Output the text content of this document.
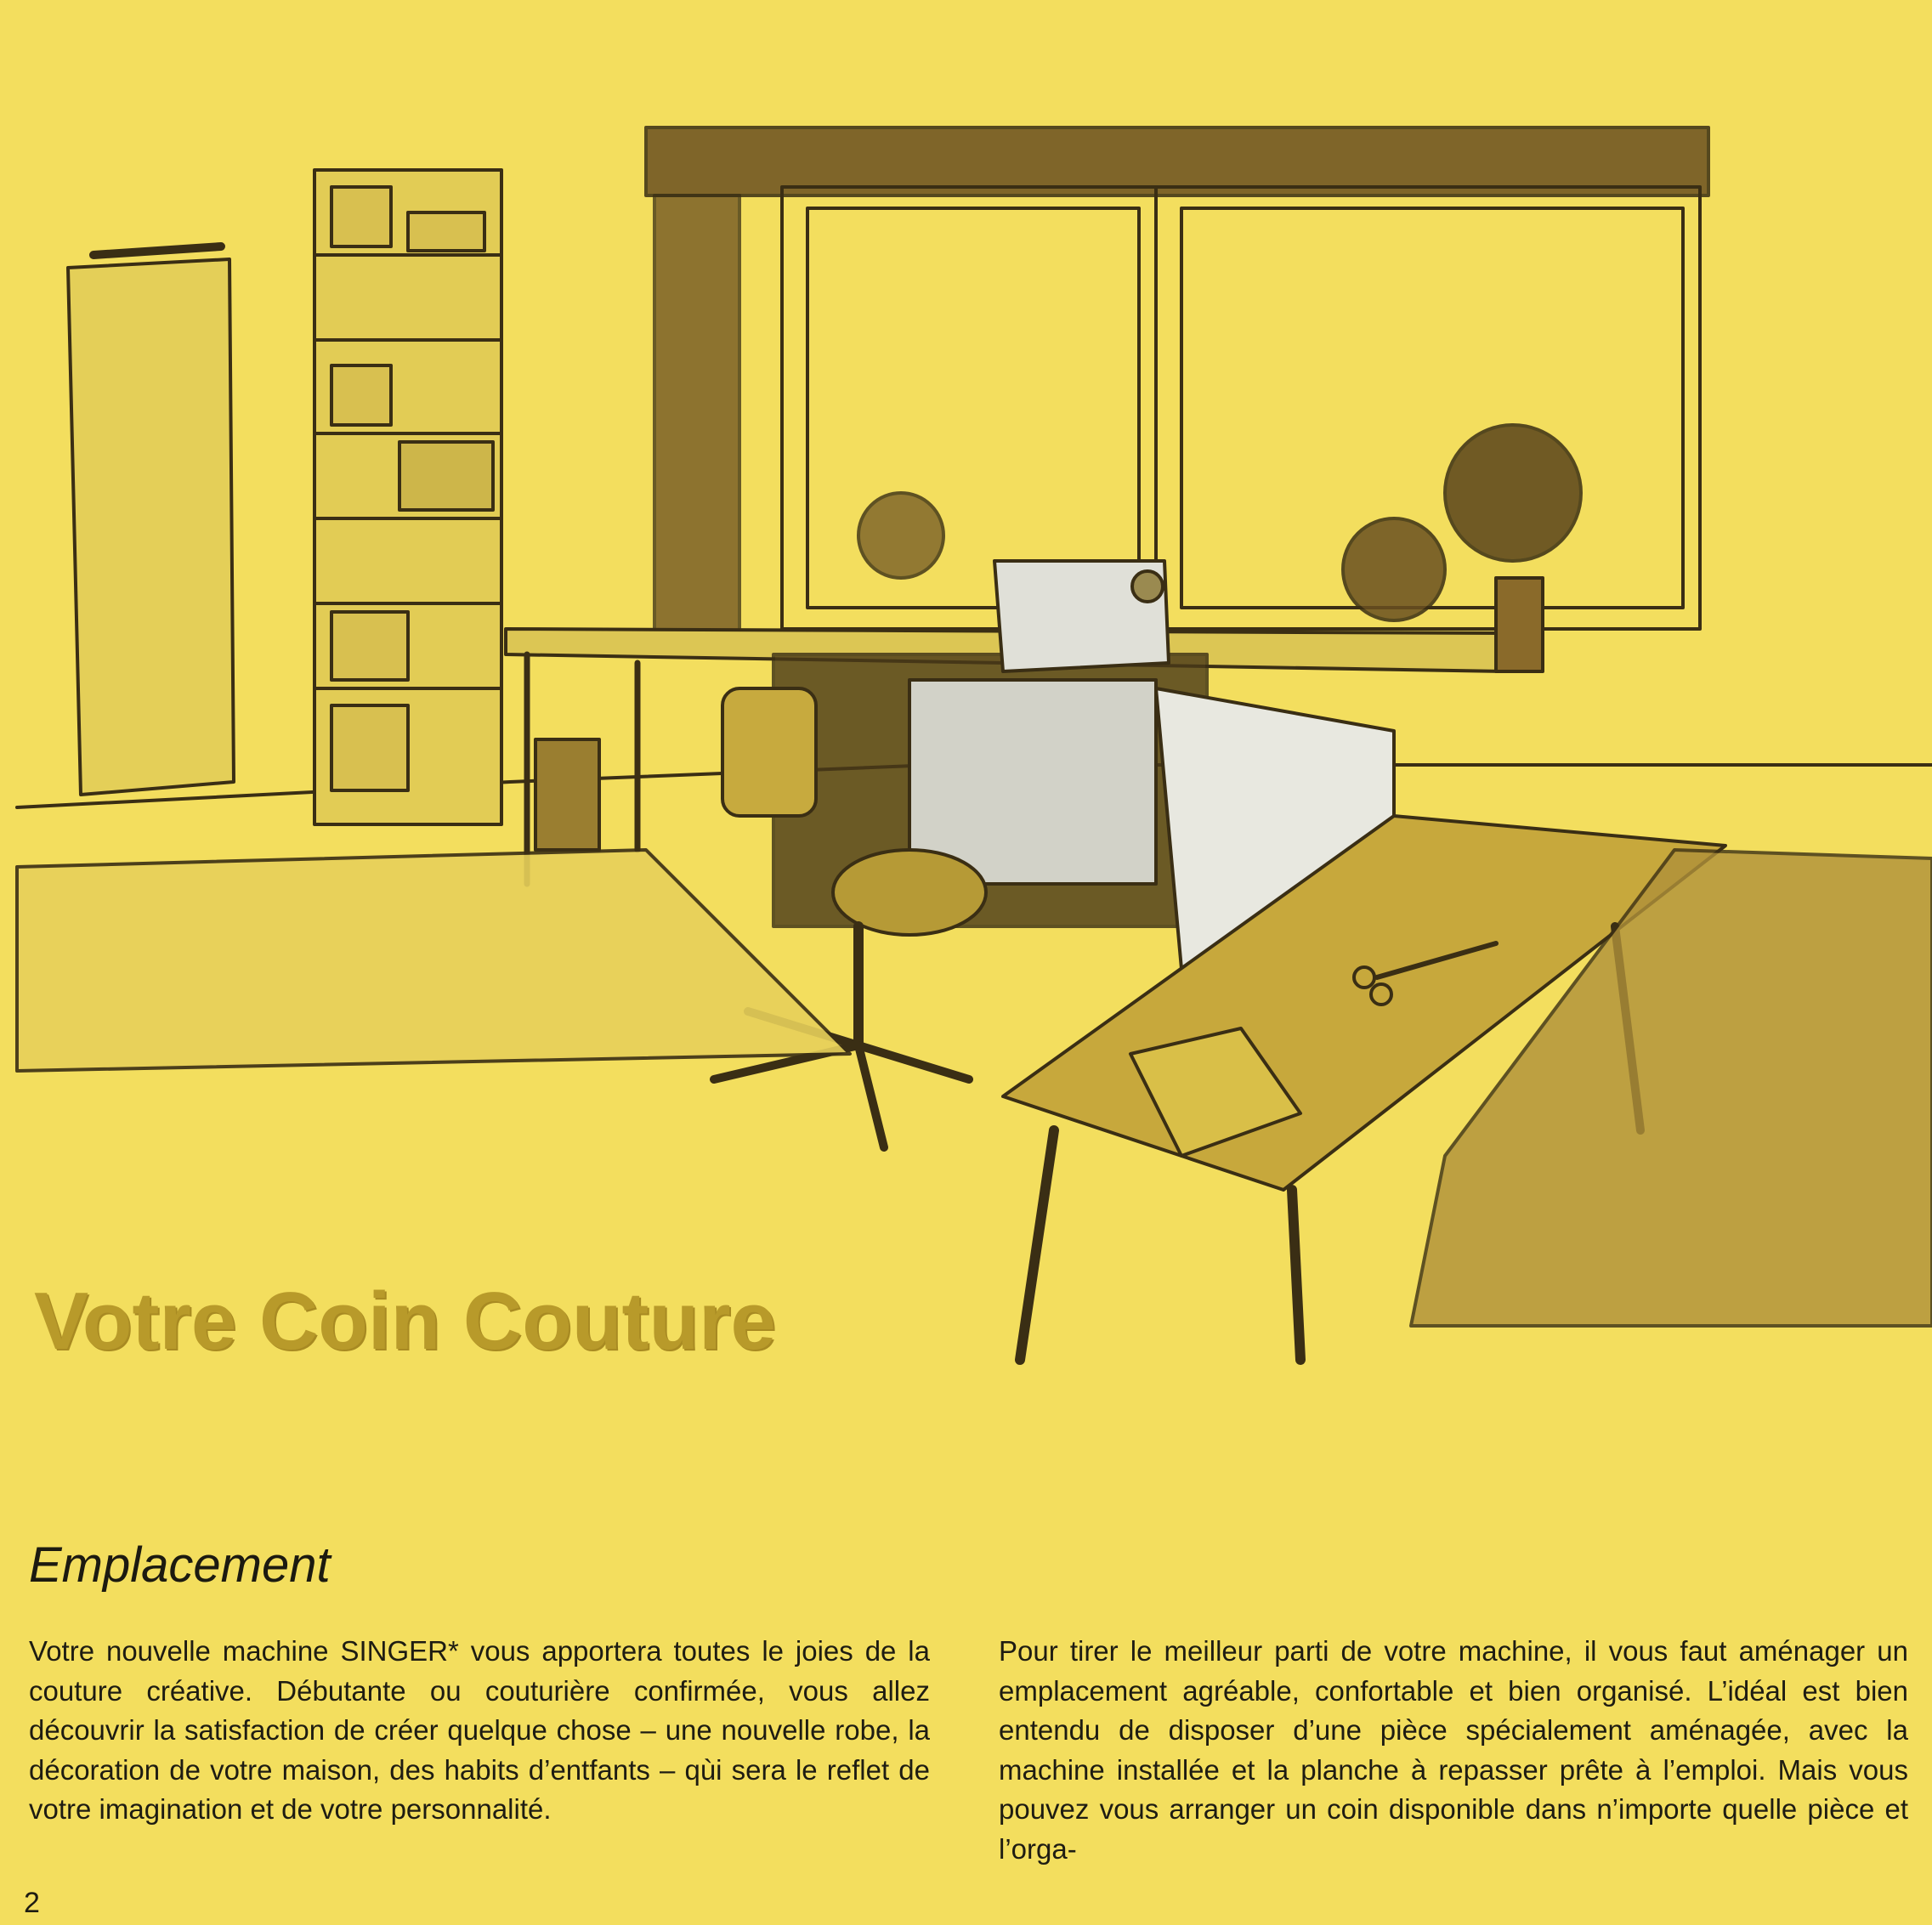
Votre Coin Couture
Emplacement
Votre nouvelle machine SINGER* vous apportera toutes le joies de la couture créative. Débutante ou couturière confirmée, vous allez découvrir la satisfaction de créer quelque chose – une nouvelle robe, la décoration de votre maison, des habits d’entfants – qùi sera le reflet de votre imagination et de votre personnalité.
Pour tirer le meilleur parti de votre machine, il vous faut aménager un emplacement agréable, confortable et bien organisé. L’idéal est bien entendu de disposer d’une pièce spécialement aménagée, avec la machine installée et la planche à repasser prête à l’emploi. Mais vous pouvez vous arranger un coin disponible dans n’importe quelle pièce et l’orga-
2
